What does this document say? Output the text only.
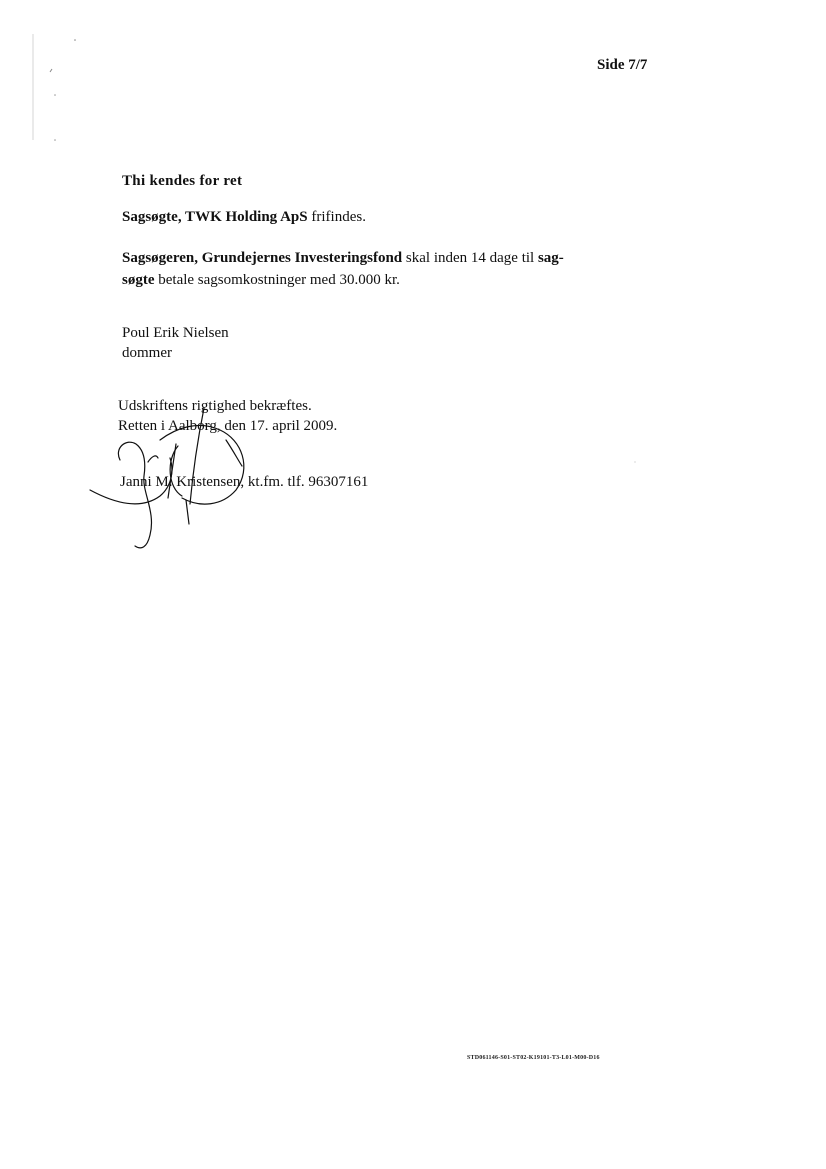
Side 7/7
Thi kendes for ret
Sagsøgte, TWK Holding ApS frifindes.
Sagsøgeren, Grundejernes Investeringsfond skal inden 14 dage til sag-søgte betale sagsomkostninger med 30.000 kr.
Poul Erik Nielsen
dommer
Udskriftens rigtighed bekræftes.
Retten i Aalborg, den 17. april 2009.
Janni M. Kristensen, kt.fm. tlf. 96307161
STD061146-S01-ST02-K19101-T3-L01-M00-D16
